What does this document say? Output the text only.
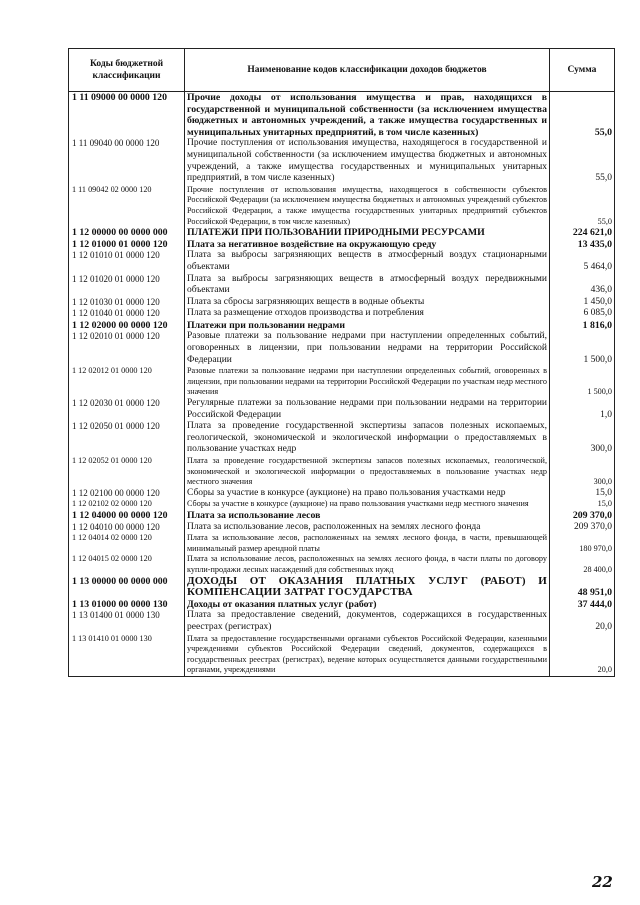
Коды бюджетной классификации	Наименование кодов классификации доходов бюджетов	Сумма
1 11 09000 00 0000 120	Прочие доходы от использования имущества и прав, находящихся в государственной и муниципальной собственности (за исключением имущества бюджетных и автономных учреждений, а также имущества государственных и муниципальных унитарных предприятий, в том числе казенных)	55,0
1 11 09040 00 0000 120	Прочие поступления от использования имущества, находящегося в государственной и муниципальной собственности (за исключением имущества бюджетных и автономных учреждений, а также имущества государственных и муниципальных унитарных предприятий, в том числе казенных)	55,0
1 11 09042 02 0000 120	Прочие поступления от использования имущества, находящегося в собственности субъектов Российской Федерации (за исключением имущества бюджетных и автономных учреждений субъектов Российской Федерации, а также имущества государственных унитарных предприятий субъектов Российской Федерации, в том числе казенных)	55,0
1 12 00000 00 0000 000	ПЛАТЕЖИ ПРИ ПОЛЬЗОВАНИИ ПРИРОДНЫМИ РЕСУРСАМИ	224 621,0
1 12 01000 01 0000 120	Плата за негативное воздействие на окружающую среду	13 435,0
1 12 01010 01 0000 120	Плата за выбросы загрязняющих веществ в атмосферный воздух стационарными объектами	5 464,0
1 12 01020 01 0000 120	Плата за выбросы загрязняющих веществ в атмосферный воздух передвижными объектами	436,0
1 12 01030 01 0000 120	Плата за сбросы загрязняющих веществ в водные объекты	1 450,0
1 12 01040 01 0000 120	Плата за размещение отходов производства и потребления	6 085,0
1 12 02000 00 0000 120	Платежи при пользовании недрами	1 816,0
1 12 02010 01 0000 120	Разовые платежи за пользование недрами при наступлении определенных событий, оговоренных в лицензии, при пользовании недрами на территории Российской Федерации	1 500,0
1 12 02012 01 0000 120	Разовые платежи за пользование недрами при наступлении определенных событий, оговоренных в лицензии, при пользовании недрами на территории Российской Федерации по участкам недр местного значения	1 500,0
1 12 02030 01 0000 120	Регулярные платежи за пользование недрами при пользовании недрами на территории Российской Федерации	1,0
1 12 02050 01 0000 120	Плата за проведение государственной экспертизы запасов полезных ископаемых, геологической, экономической и экологической информации о предоставляемых в пользование участках недр	300,0
1 12 02052 01 0000 120	Плата за проведение государственной экспертизы запасов полезных ископаемых, геологической, экономической и экологической информации о предоставляемых в пользование участках недр местного значения	300,0
1 12 02100 00 0000 120	Сборы за участие в конкурсе (аукционе) на право пользования участками недр	15,0
1 12 02102 02 0000 120	Сборы за участие в конкурсе (аукционе) на право пользования участками недр местного значения	15,0
1 12 04000 00 0000 120	Плата за использование лесов	209 370,0
1 12 04010 00 0000 120	Плата за использование лесов, расположенных на землях лесного фонда	209 370,0
1 12 04014 02 0000 120	Плата за использование лесов, расположенных на землях лесного фонда, в части, превышающей минимальный размер арендной платы	180 970,0
1 12 04015 02 0000 120	Плата за использование лесов, расположенных на землях лесного фонда, в части платы по договору купли-продажи лесных насаждений для собственных нужд	28 400,0
1 13 00000 00 0000 000	ДОХОДЫ ОТ ОКАЗАНИЯ ПЛАТНЫХ УСЛУГ (РАБОТ) И КОМПЕНСАЦИИ ЗАТРАТ ГОСУДАРСТВА	48 951,0
1 13 01000 00 0000 130	Доходы от оказания платных услуг (работ)	37 444,0
1 13 01400 01 0000 130	Плата за предоставление сведений, документов, содержащихся в государственных реестрах (регистрах)	20,0
1 13 01410 01 0000 130	Плата за предоставление государственными органами субъектов Российской Федерации, казенными учреждениями субъектов Российской Федерации сведений, документов, содержащихся в государственных реестрах (регистрах), ведение которых осуществляется данными государственными органами, учреждениями	20,0
22
